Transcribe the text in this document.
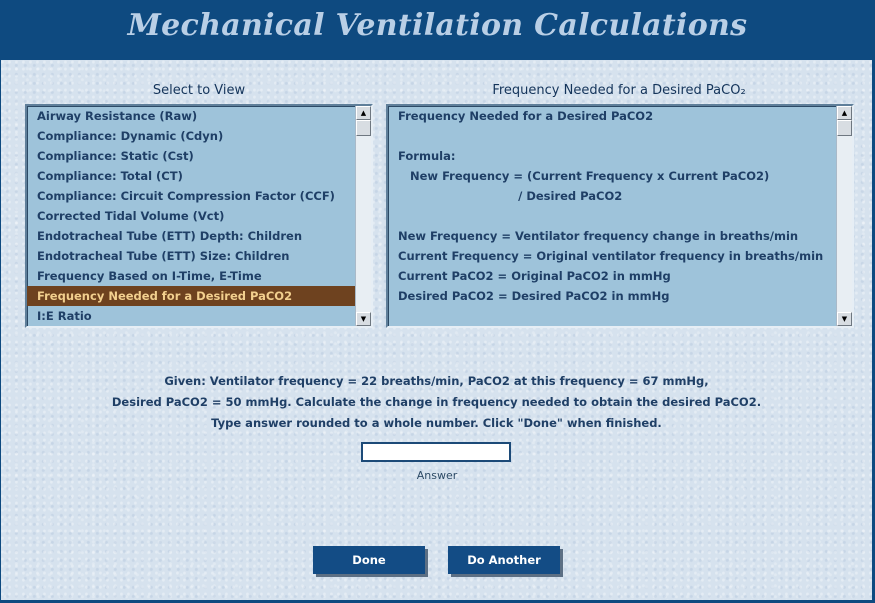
Mechanical Ventilation Calculations
Select to View	Frequency Needed for a Desired PaCO₂
Airway Resistance (Raw)
Compliance: Dynamic (Cdyn)
Compliance: Static (Cst)
Compliance: Total (CT)
Compliance: Circuit Compression Factor (CCF)
Corrected Tidal Volume (Vct)
Endotracheal Tube (ETT) Depth: Children
Endotracheal Tube (ETT) Size: Children
Frequency Based on I-Time, E-Time
Frequency Needed for a Desired PaCO2
I:E Ratio
▲
▼
Frequency Needed for a Desired PaCO2
Formula:
New Frequency = (Current Frequency x Current PaCO2)
/ Desired PaCO2
New Frequency = Ventilator frequency change in breaths/min
Current Frequency = Original ventilator frequency in breaths/min
Current PaCO2 = Original PaCO2 in mmHg
Desired PaCO2 = Desired PaCO2 in mmHg
▲
▼
Given: Ventilator frequency = 22 breaths/min, PaCO2 at this frequency = 67 mmHg,
Desired PaCO2 = 50 mmHg. Calculate the change in frequency needed to obtain the desired PaCO2.
Type answer rounded to a whole number. Click "Done" when finished.
Answer
Done	Do Another
